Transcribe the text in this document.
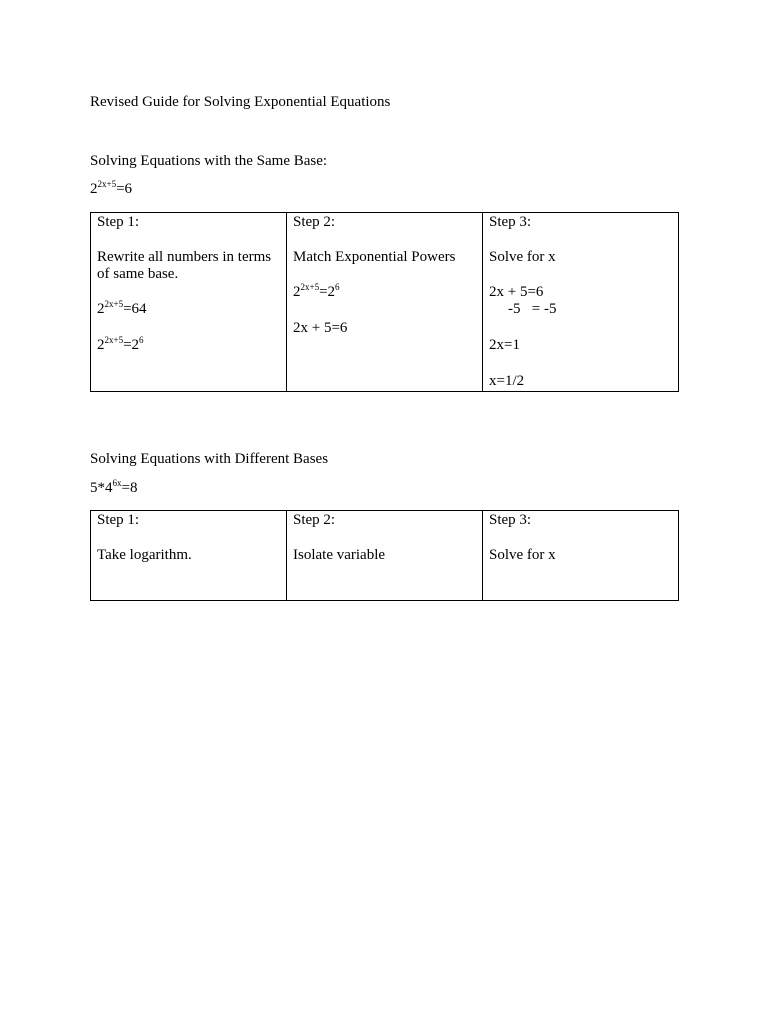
Revised Guide for Solving Exponential Equations
Solving Equations with the Same Base:
$2^{2x+5}=6$
Step 1:
Rewrite all numbers in terms of same base.
$2^{2x+5}=64$
$2^{2x+5}=2^6$

Step 2:
Match Exponential Powers
$2^{2x+5}=2^6$
2x + 5=6

Step 3:
Solve for x
2x + 5=6
-5   = -5
2x=1
x=1/2
Solving Equations with Different Bases
$5*4^{6x}=8$
Step 1:
Take logarithm.

Step 2:
Isolate variable

Step 3:
Solve for x
